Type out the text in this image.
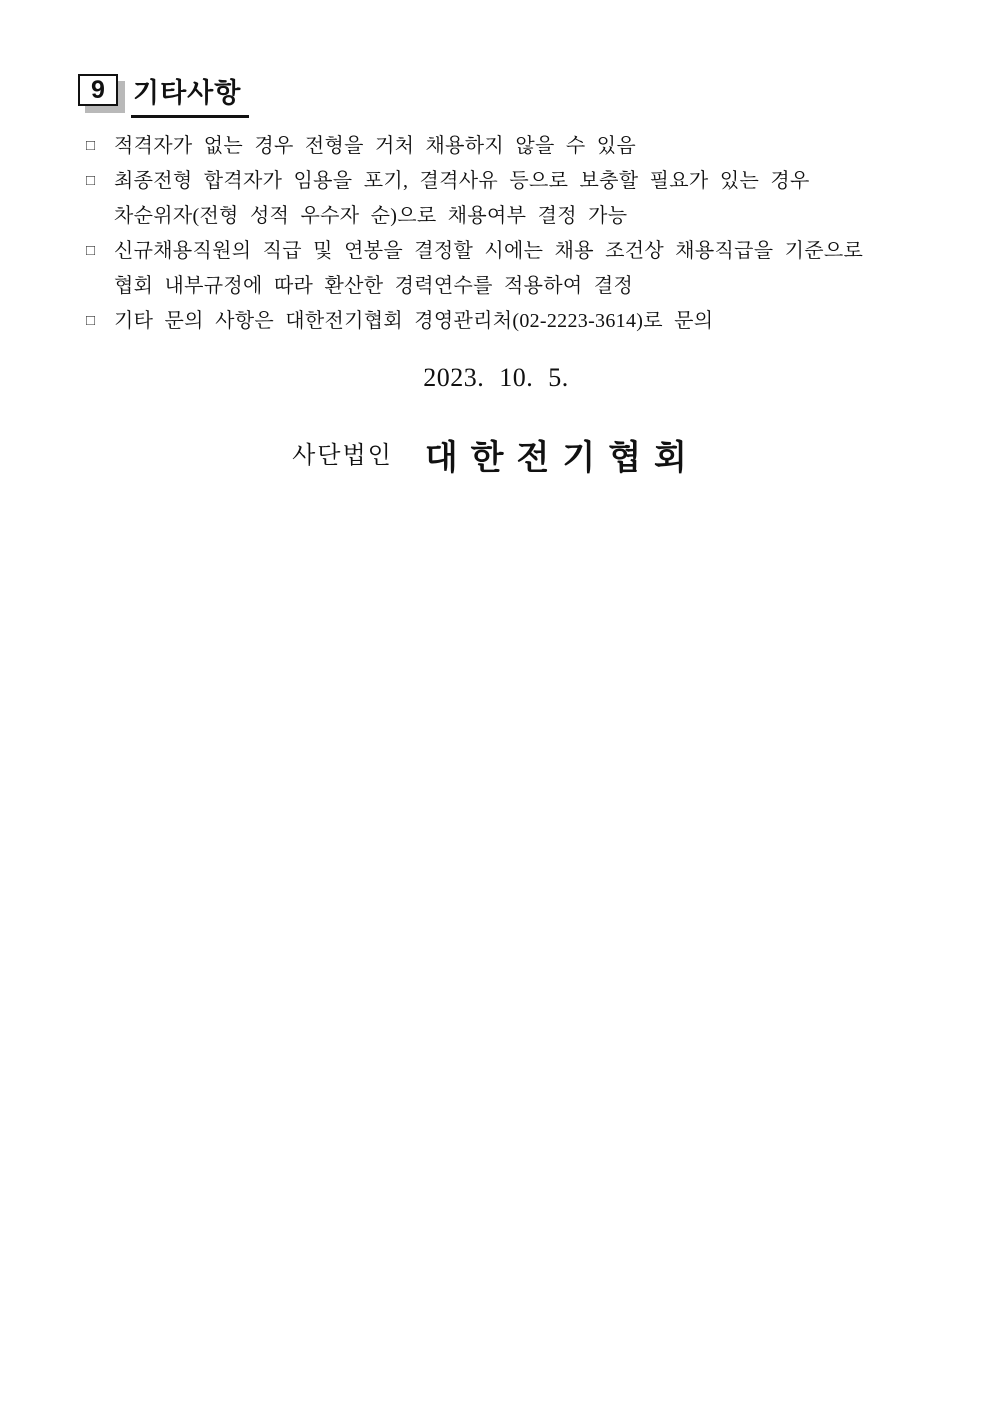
9	기타사항
□ 적격자가 없는 경우 전형을 거처 채용하지 않을 수 있음
□ 최종전형 합격자가 임용을 포기, 결격사유 등으로 보충할 필요가 있는 경우
차순위자(전형 성적 우수자 순)으로 채용여부 결정 가능
□ 신규채용직원의 직급 및 연봉을 결정할 시에는 채용 조건상 채용직급을 기준으로
협회 내부규정에 따라 환산한 경력연수를 적용하여 결정
□ 기타 문의 사항은 대한전기협회 경영관리처(02-2223-3614)로 문의
2023. 10. 5.
사단법인 대한전기협회
